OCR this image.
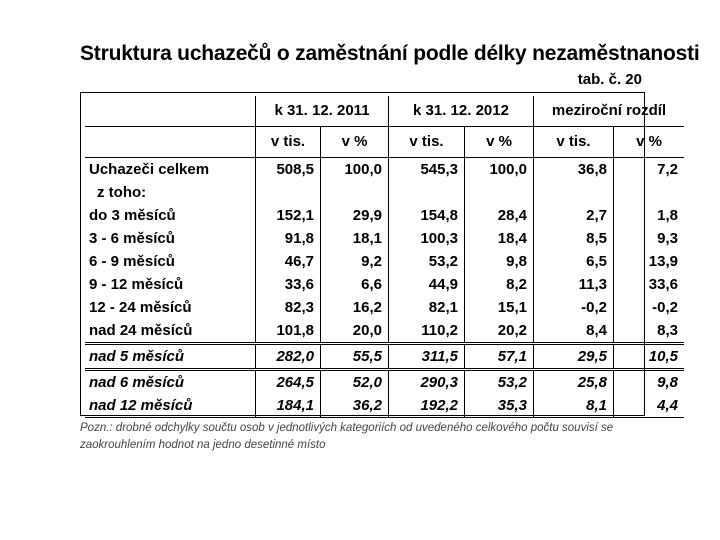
Struktura uchazečů o zaměstnání podle délky nezaměstnanosti
tab. č. 20
	k 31. 12. 2011		k 31. 12. 2012		meziroční rozdíl	
	v tis.	v %	v tis.	v %	v tis.	v %
Uchazeči celkem	508,5	100,0	545,3	100,0	36,8	7,2
z toho:						
do 3 měsíců	152,1	29,9	154,8	28,4	2,7	1,8
3 - 6 měsíců	91,8	18,1	100,3	18,4	8,5	9,3
6 - 9 měsíců	46,7	9,2	53,2	9,8	6,5	13,9
9 - 12 měsíců	33,6	6,6	44,9	8,2	11,3	33,6
12 - 24 měsíců	82,3	16,2	82,1	15,1	-0,2	-0,2
nad 24 měsíců	101,8	20,0	110,2	20,2	8,4	8,3
nad 5 měsíců	282,0	55,5	311,5	57,1	29,5	10,5
nad 6 měsíců	264,5	52,0	290,3	53,2	25,8	9,8
nad 12 měsíců	184,1	36,2	192,2	35,3	8,1	4,4
Pozn.: drobné odchylky součtu osob v jednotlivých kategoriích od uvedeného celkového počtu souvisí se zaokrouhlením hodnot na jedno desetinné místo
